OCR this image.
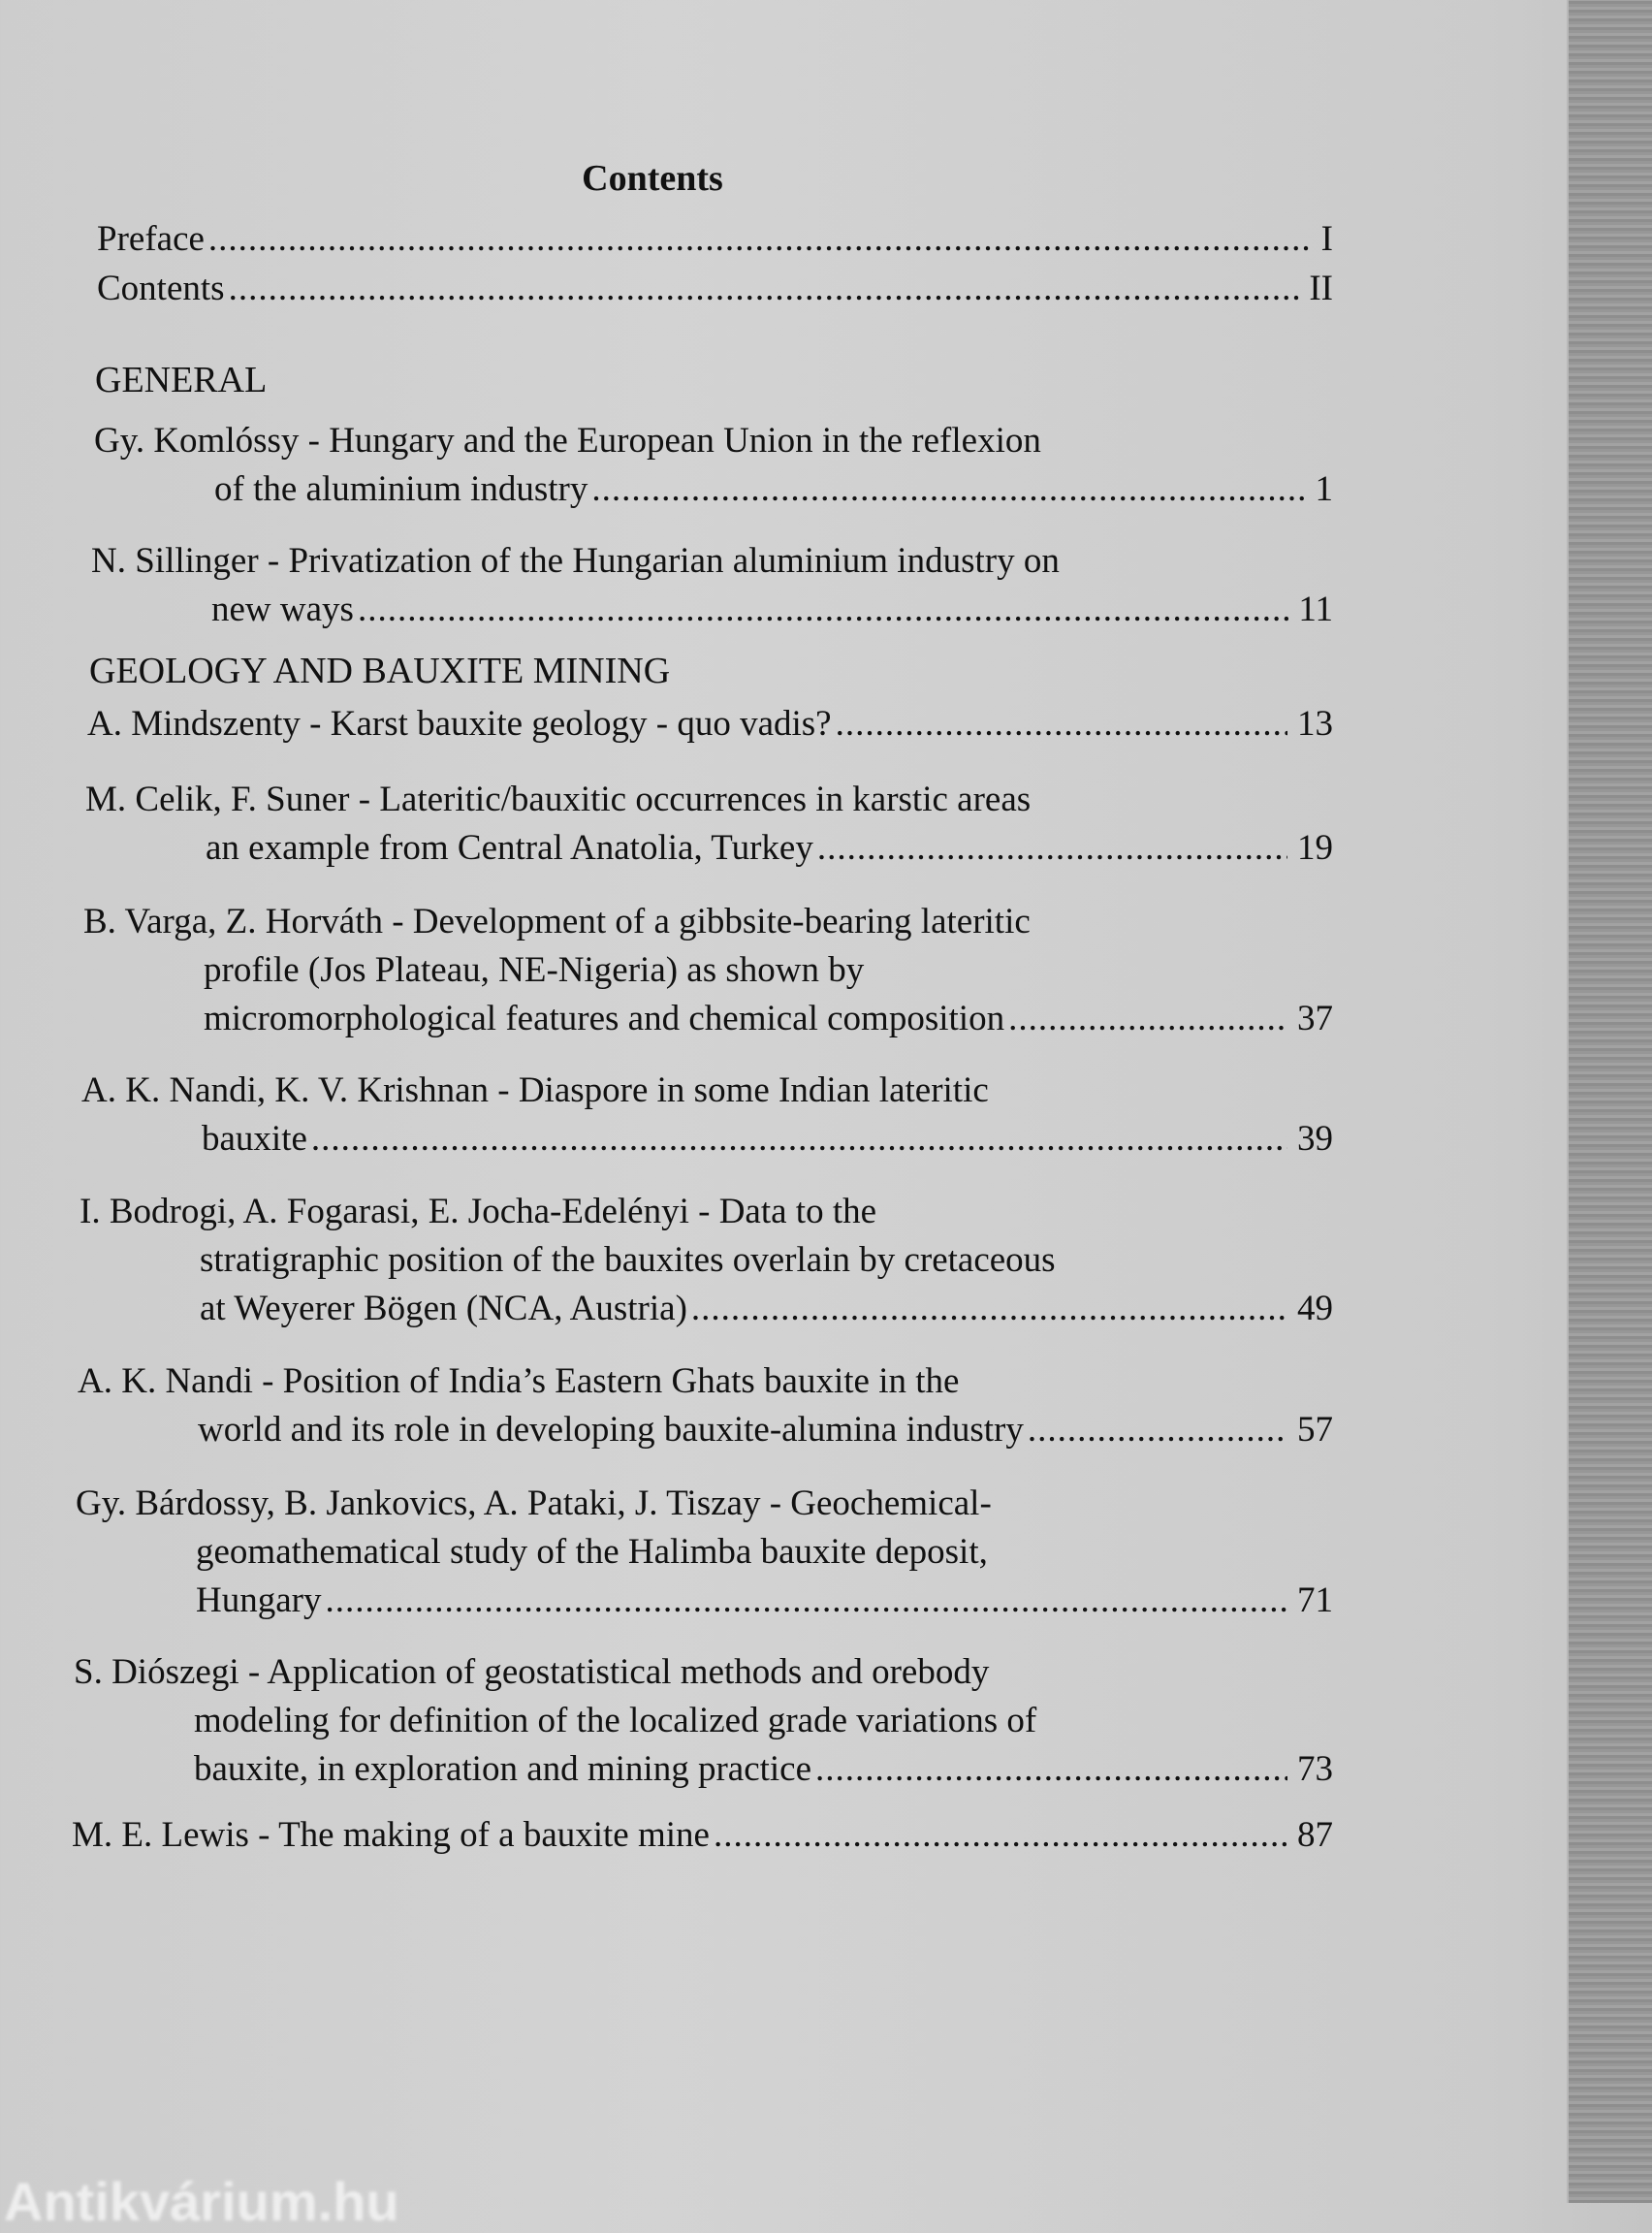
Contents
Preface .....	I
Contents .....	II
GENERAL
Gy. Komlóssy - Hungary and the European Union in the reflexion
of the aluminium industry .....	1
N. Sillinger - Privatization of the Hungarian aluminium industry on
new ways .....	11
GEOLOGY AND BAUXITE MINING
A. Mindszenty - Karst bauxite geology - quo vadis? .....	13
M. Celik, F. Suner - Lateritic/bauxitic occurrences in karstic areas
an example from Central Anatolia, Turkey .....	19
B. Varga, Z. Horváth - Development of a gibbsite-bearing lateritic
profile (Jos Plateau, NE-Nigeria) as shown by
micromorphological features and chemical composition .....	37
A. K. Nandi, K. V. Krishnan - Diaspore in some Indian lateritic
bauxite .....	39
I. Bodrogi, A. Fogarasi, E. Jocha-Edelényi - Data to the
stratigraphic position of the bauxites overlain by cretaceous
at Weyerer Bögen (NCA, Austria) .....	49
A. K. Nandi - Position of India’s Eastern Ghats bauxite in the
world and its role in developing bauxite-alumina industry .....	57
Gy. Bárdossy, B. Jankovics, A. Pataki, J. Tiszay - Geochemical-
geomathematical study of the Halimba bauxite deposit,
Hungary .....	71
S. Diószegi - Application of geostatistical methods and orebody
modeling for definition of the localized grade variations of
bauxite, in exploration and mining practice .....	73
M. E. Lewis - The making of a bauxite mine .....	87
Antikvárium.hu
